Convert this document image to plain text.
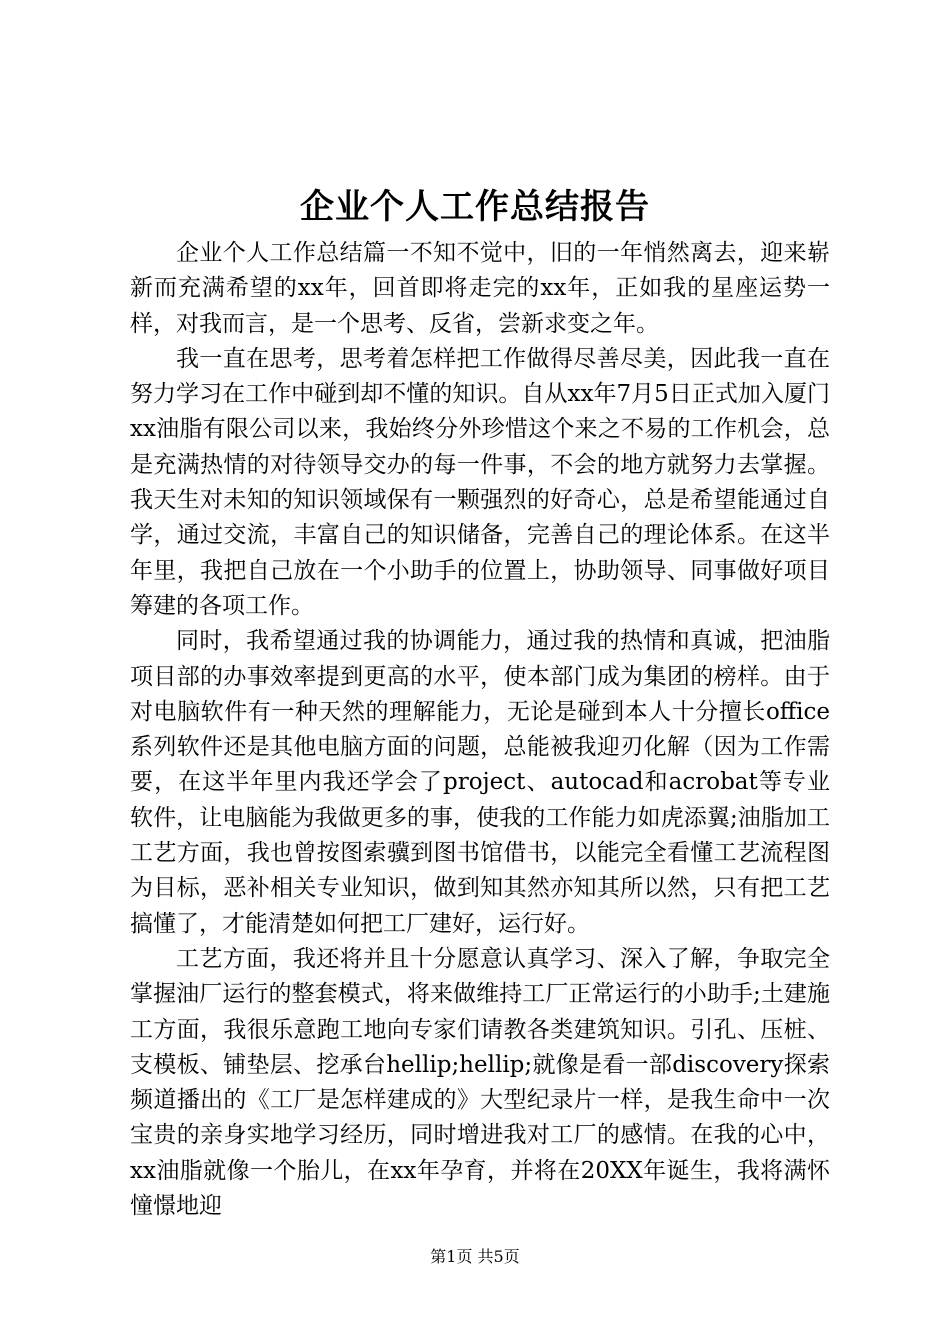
企业个人工作总结报告

企业个人工作总结篇一不知不觉中，旧的一年悄然离去，迎来崭新而充满希望的xx年，回首即将走完的xx年，正如我的星座运势一样，对我而言，是一个思考、反省，尝新求变之年。

我一直在思考，思考着怎样把工作做得尽善尽美，因此我一直在努力学习在工作中碰到却不懂的知识。自从xx年7月5日正式加入厦门xx油脂有限公司以来，我始终分外珍惜这个来之不易的工作机会，总是充满热情的对待领导交办的每一件事，不会的地方就努力去掌握。我天生对未知的知识领域保有一颗强烈的好奇心，总是希望能通过自学，通过交流，丰富自己的知识储备，完善自己的理论体系。在这半年里，我把自己放在一个小助手的位置上，协助领导、同事做好项目筹建的各项工作。

同时，我希望通过我的协调能力，通过我的热情和真诚，把油脂项目部的办事效率提到更高的水平，使本部门成为集团的榜样。由于对电脑软件有一种天然的理解能力，无论是碰到本人十分擅长office系列软件还是其他电脑方面的问题，总能被我迎刃化解（因为工作需要，在这半年里内我还学会了project、autocad和acrobat等专业软件，让电脑能为我做更多的事，使我的工作能力如虎添翼;油脂加工工艺方面，我也曾按图索骥到图书馆借书，以能完全看懂工艺流程图为目标，恶补相关专业知识，做到知其然亦知其所以然，只有把工艺搞懂了，才能清楚如何把工厂建好，运行好。

工艺方面，我还将并且十分愿意认真学习、深入了解，争取完全掌握油厂运行的整套模式，将来做维持工厂正常运行的小助手;土建施工方面，我很乐意跑工地向专家们请教各类建筑知识。引孔、压桩、支模板、铺垫层、挖承台hellip;hellip;就像是看一部discovery探索频道播出的《工厂是怎样建成的》大型纪录片一样，是我生命中一次宝贵的亲身实地学习经历，同时增进我对工厂的感情。在我的心中，xx油脂就像一个胎儿，在xx年孕育，并将在20XX年诞生，我将满怀憧憬地迎

第1页 共5页
